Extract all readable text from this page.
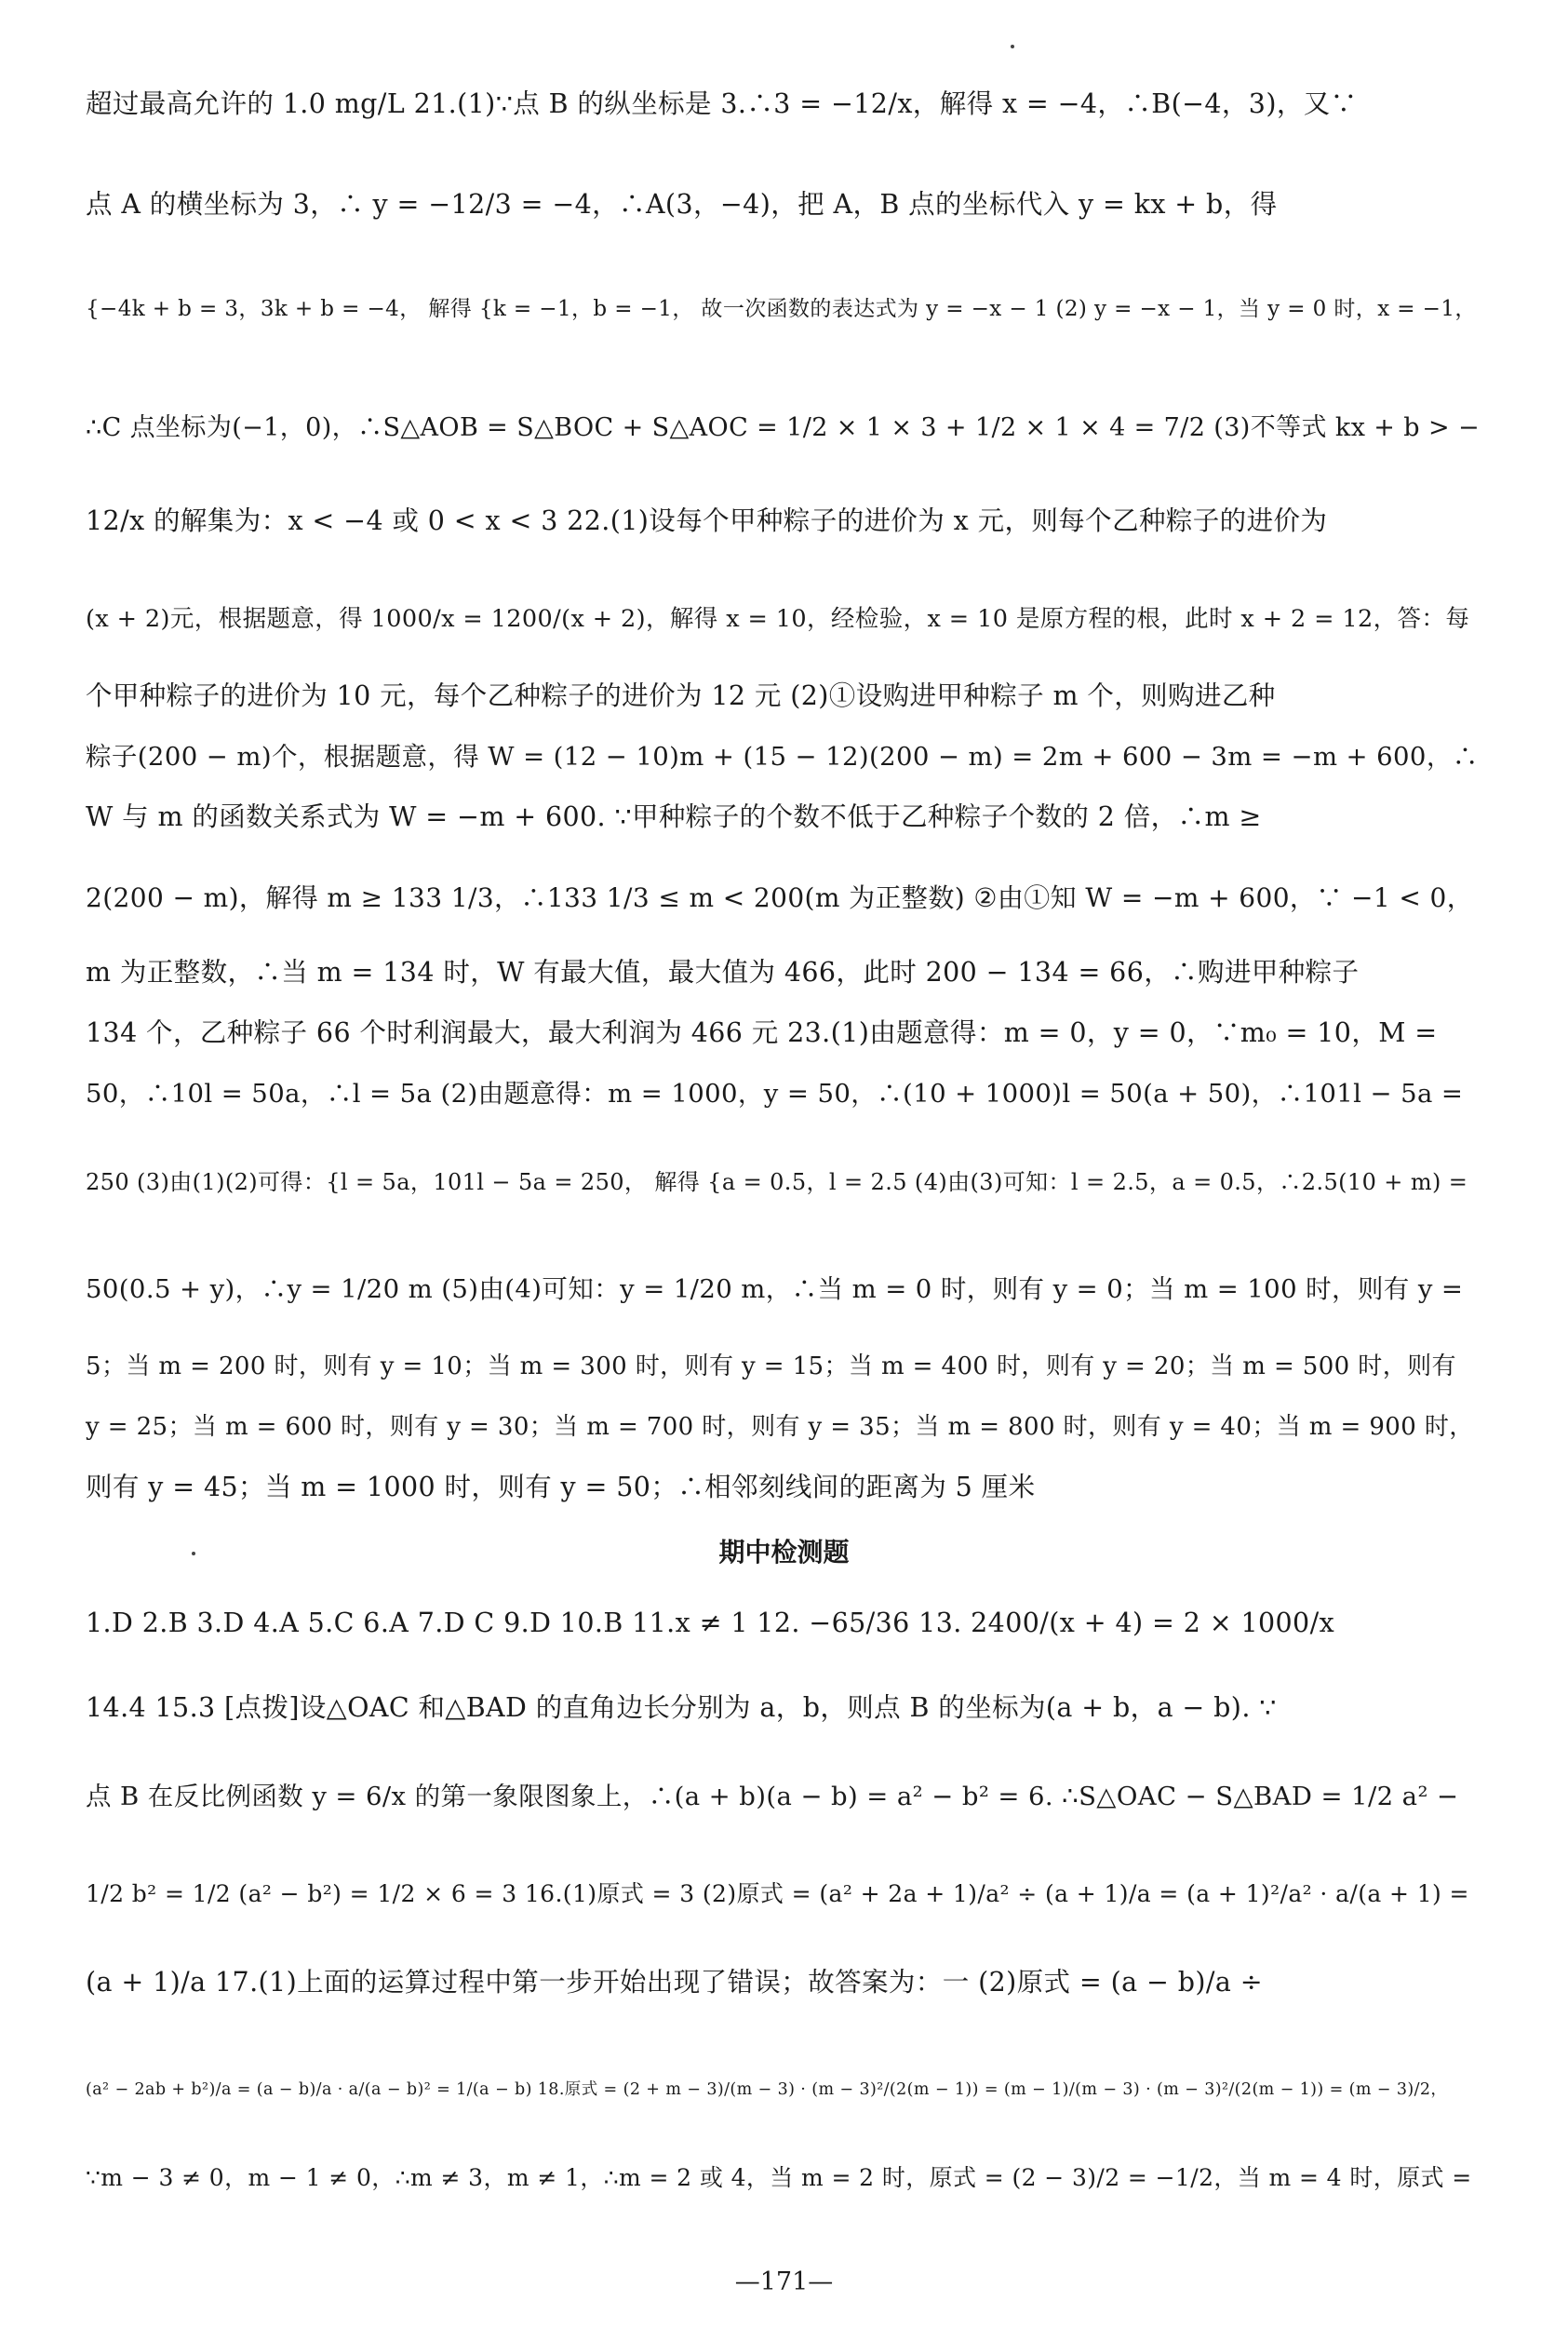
超过最高允许的 1.0 mg/L 21.(1)∵点 B 的纵坐标是 3.∴3 = −12/x，解得 x = −4，∴B(−4，3)，又∵
点 A 的横坐标为 3，∴ y = −12/3 = −4，∴A(3，−4)，把 A，B 点的坐标代入 y = kx + b，得
{−4k + b = 3，3k + b = −4， 解得 {k = −1，b = −1， 故一次函数的表达式为 y = −x − 1 (2) y = −x − 1，当 y = 0 时，x = −1，
∴C 点坐标为(−1，0)，∴S△AOB = S△BOC + S△AOC = 1/2 × 1 × 3 + 1/2 × 1 × 4 = 7/2 (3)不等式 kx + b > −
12/x 的解集为：x < −4 或 0 < x < 3 22.(1)设每个甲种粽子的进价为 x 元，则每个乙种粽子的进价为
(x + 2)元，根据题意，得 1000/x = 1200/(x + 2)，解得 x = 10，经检验，x = 10 是原方程的根，此时 x + 2 = 12，答：每
个甲种粽子的进价为 10 元，每个乙种粽子的进价为 12 元 (2)①设购进甲种粽子 m 个，则购进乙种
粽子(200 − m)个，根据题意，得 W = (12 − 10)m + (15 − 12)(200 − m) = 2m + 600 − 3m = −m + 600，∴
W 与 m 的函数关系式为 W = −m + 600. ∵甲种粽子的个数不低于乙种粽子个数的 2 倍，∴m ≥
2(200 − m)，解得 m ≥ 133 1/3，∴133 1/3 ≤ m < 200(m 为正整数) ②由①知 W = −m + 600，∵ −1 < 0，
m 为正整数，∴当 m = 134 时，W 有最大值，最大值为 466，此时 200 − 134 = 66，∴购进甲种粽子
134 个，乙种粽子 66 个时利润最大，最大利润为 466 元 23.(1)由题意得：m = 0，y = 0，∵m₀ = 10，M =
50，∴10l = 50a，∴l = 5a (2)由题意得：m = 1000，y = 50，∴(10 + 1000)l = 50(a + 50)，∴101l − 5a =
250 (3)由(1)(2)可得：{l = 5a，101l − 5a = 250， 解得 {a = 0.5，l = 2.5 (4)由(3)可知：l = 2.5，a = 0.5，∴2.5(10 + m) =
50(0.5 + y)，∴y = 1/20 m (5)由(4)可知：y = 1/20 m，∴当 m = 0 时，则有 y = 0；当 m = 100 时，则有 y =
5；当 m = 200 时，则有 y = 10；当 m = 300 时，则有 y = 15；当 m = 400 时，则有 y = 20；当 m = 500 时，则有
y = 25；当 m = 600 时，则有 y = 30；当 m = 700 时，则有 y = 35；当 m = 800 时，则有 y = 40；当 m = 900 时，
则有 y = 45；当 m = 1000 时，则有 y = 50；∴相邻刻线间的距离为 5 厘米
期中检测题
1.D 2.B 3.D 4.A 5.C 6.A 7.D C 9.D 10.B 11.x ≠ 1 12. −65/36 13. 2400/(x + 4) = 2 × 1000/x
14.4 15.3 [点拨]设△OAC 和△BAD 的直角边长分别为 a，b，则点 B 的坐标为(a + b，a − b). ∵
点 B 在反比例函数 y = 6/x 的第一象限图象上，∴(a + b)(a − b) = a² − b² = 6. ∴S△OAC − S△BAD = 1/2 a² −
1/2 b² = 1/2 (a² − b²) = 1/2 × 6 = 3 16.(1)原式 = 3 (2)原式 = (a² + 2a + 1)/a² ÷ (a + 1)/a = (a + 1)²/a² · a/(a + 1) =
(a + 1)/a 17.(1)上面的运算过程中第一步开始出现了错误；故答案为：一 (2)原式 = (a − b)/a ÷
(a² − 2ab + b²)/a = (a − b)/a · a/(a − b)² = 1/(a − b) 18.原式 = (2 + m − 3)/(m − 3) · (m − 3)²/(2(m − 1)) = (m − 1)/(m − 3) · (m − 3)²/(2(m − 1)) = (m − 3)/2，
∵m − 3 ≠ 0，m − 1 ≠ 0，∴m ≠ 3，m ≠ 1，∴m = 2 或 4，当 m = 2 时，原式 = (2 − 3)/2 = −1/2，当 m = 4 时，原式 =
—171—
